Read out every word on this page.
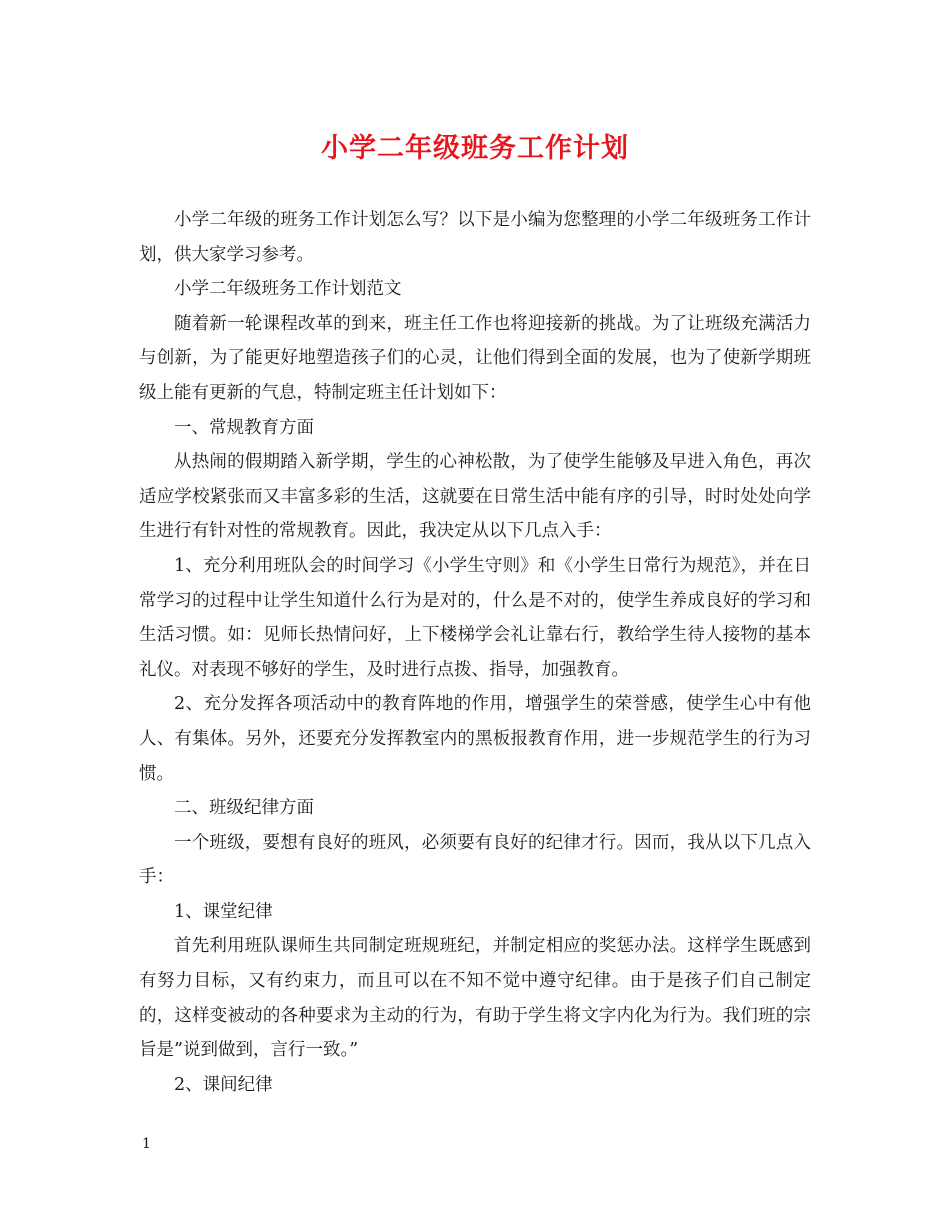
小学二年级班务工作计划

小学二年级的班务工作计划怎么写？以下是小编为您整理的小学二年级班务工作计划，供大家学习参考。

小学二年级班务工作计划范文

随着新一轮课程改革的到来，班主任工作也将迎接新的挑战。为了让班级充满活力与创新，为了能更好地塑造孩子们的心灵，让他们得到全面的发展，也为了使新学期班级上能有更新的气息，特制定班主任计划如下：

一、常规教育方面

从热闹的假期踏入新学期，学生的心神松散，为了使学生能够及早进入角色，再次适应学校紧张而又丰富多彩的生活，这就要在日常生活中能有序的引导，时时处处向学生进行有针对性的常规教育。因此，我决定从以下几点入手：

1、充分利用班队会的时间学习《小学生守则》和《小学生日常行为规范》，并在日常学习的过程中让学生知道什么行为是对的，什么是不对的，使学生养成良好的学习和生活习惯。如：见师长热情问好，上下楼梯学会礼让靠右行，教给学生待人接物的基本礼仪。对表现不够好的学生，及时进行点拨、指导，加强教育。

2、充分发挥各项活动中的教育阵地的作用，增强学生的荣誉感，使学生心中有他人、有集体。另外，还要充分发挥教室内的黑板报教育作用，进一步规范学生的行为习惯。

二、班级纪律方面

一个班级，要想有良好的班风，必须要有良好的纪律才行。因而，我从以下几点入手：

1、课堂纪律

首先利用班队课师生共同制定班规班纪，并制定相应的奖惩办法。这样学生既感到有努力目标，又有约束力，而且可以在不知不觉中遵守纪律。由于是孩子们自己制定的，这样变被动的各种要求为主动的行为，有助于学生将文字内化为行为。我们班的宗旨是”说到做到，言行一致。”

2、课间纪律

1
